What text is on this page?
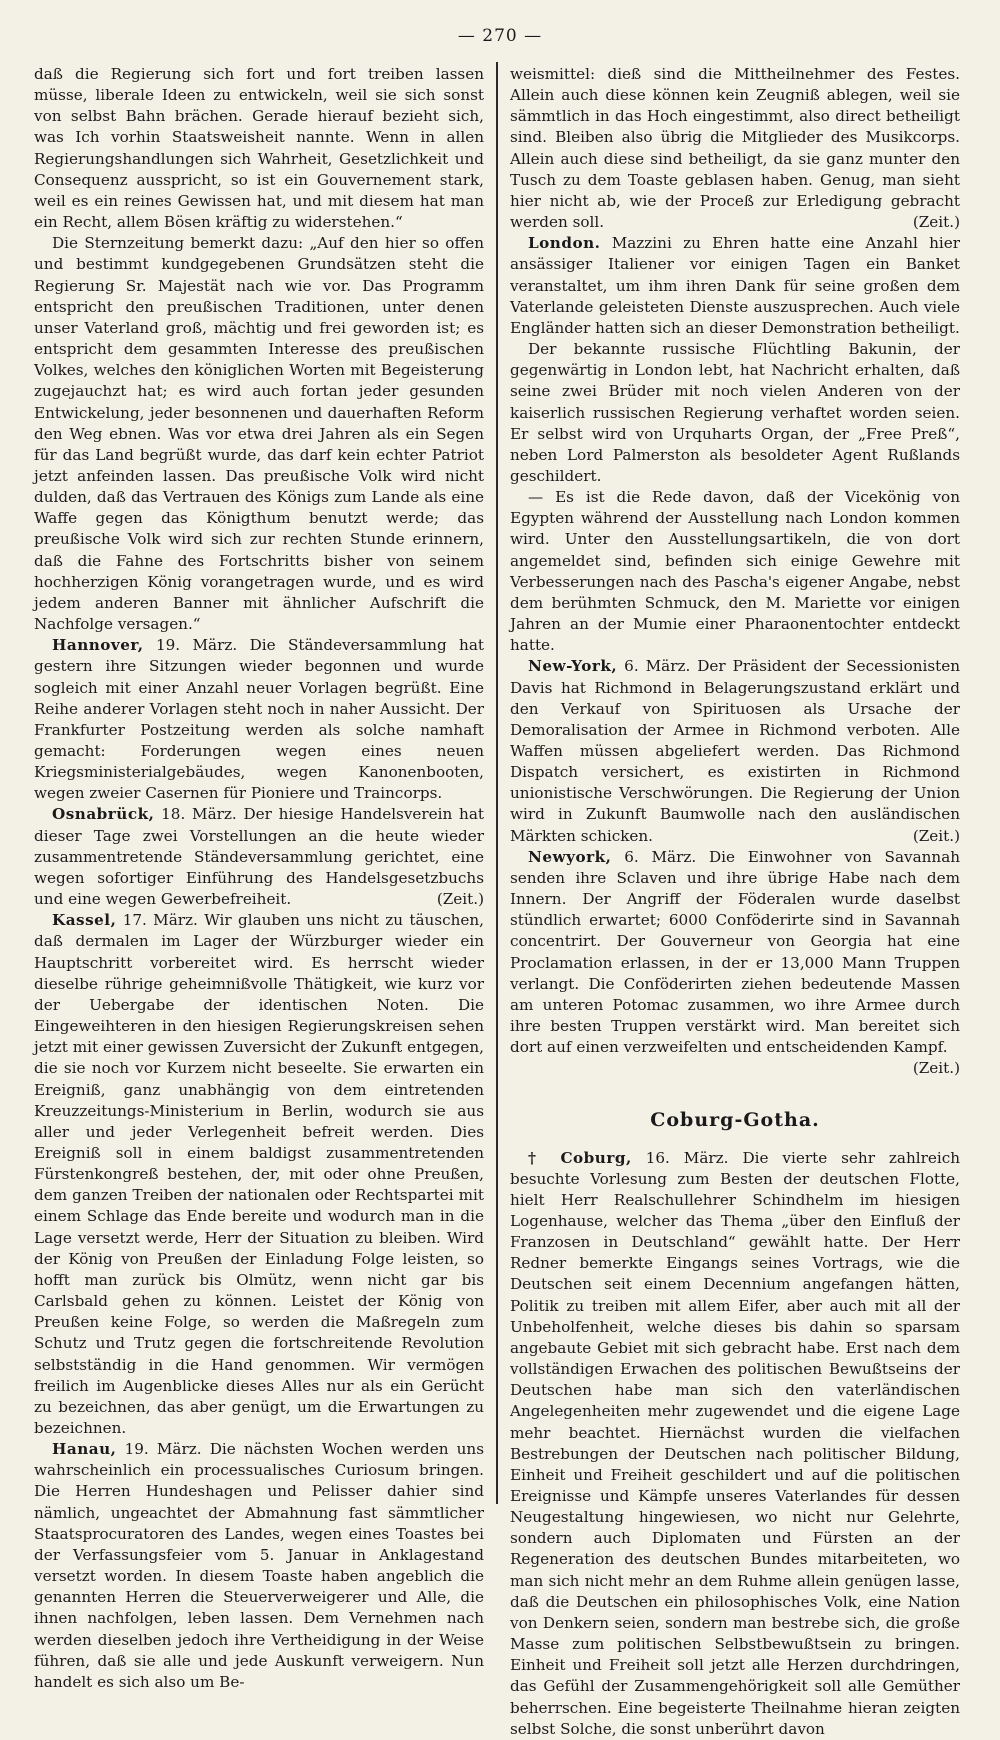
— 270 —

daß die Regierung sich fort und fort treiben lassen müsse, liberale Ideen zu entwickeln, weil sie sich sonst von selbst Bahn brächen. Gerade hierauf bezieht sich, was Ich vorhin Staatsweisheit nannte. Wenn in allen Regierungshandlungen sich Wahrheit, Gesetzlichkeit und Consequenz ausspricht, so ist ein Gouvernement stark, weil es ein reines Gewissen hat, und mit diesem hat man ein Recht, allem Bösen kräftig zu widerstehen.“

Die Sternzeitung bemerkt dazu: „Auf den hier so offen und bestimmt kundgegebenen Grundsätzen steht die Regierung Sr. Majestät nach wie vor. Das Programm entspricht den preußischen Traditionen, unter denen unser Vaterland groß, mächtig und frei geworden ist; es entspricht dem gesammten Interesse des preußischen Volkes, welches den königlichen Worten mit Begeisterung zugejauchzt hat; es wird auch fortan jeder gesunden Entwickelung, jeder besonnenen und dauerhaften Reform den Weg ebnen. Was vor etwa drei Jahren als ein Segen für das Land begrüßt wurde, das darf kein echter Patriot jetzt anfeinden lassen. Das preußische Volk wird nicht dulden, daß das Vertrauen des Königs zum Lande als eine Waffe gegen das Königthum benutzt werde; das preußische Volk wird sich zur rechten Stunde erinnern, daß die Fahne des Fortschritts bisher von seinem hochherzigen König vorangetragen wurde, und es wird jedem anderen Banner mit ähnlicher Aufschrift die Nachfolge versagen.“

Hannover, 19. März. Die Ständeversammlung hat gestern ihre Sitzungen wieder begonnen und wurde sogleich mit einer Anzahl neuer Vorlagen begrüßt. Eine Reihe anderer Vorlagen steht noch in naher Aussicht. Der Frankfurter Postzeitung werden als solche namhaft gemacht: Forderungen wegen eines neuen Kriegsministerialgebäudes, wegen Kanonenbooten, wegen zweier Casernen für Pioniere und Traincorps.

Osnabrück, 18. März. Der hiesige Handelsverein hat dieser Tage zwei Vorstellungen an die heute wieder zusammentretende Ständeversammlung gerichtet, eine wegen sofortiger Einführung des Handelsgesetzbuchs und eine wegen Gewerbefreiheit.	(Zeit.)

Kassel, 17. März. Wir glauben uns nicht zu täuschen, daß dermalen im Lager der Würzburger wieder ein Hauptschritt vorbereitet wird. Es herrscht wieder dieselbe rührige geheimnißvolle Thätigkeit, wie kurz vor der Uebergabe der identischen Noten. Die Eingeweihteren in den hiesigen Regierungskreisen sehen jetzt mit einer gewissen Zuversicht der Zukunft entgegen, die sie noch vor Kurzem nicht beseelte. Sie erwarten ein Ereigniß, ganz unabhängig von dem eintretenden Kreuzzeitungs-Ministerium in Berlin, wodurch sie aus aller und jeder Verlegenheit befreit werden. Dies Ereigniß soll in einem baldigst zusammentretenden Fürstenkongreß bestehen, der, mit oder ohne Preußen, dem ganzen Treiben der nationalen oder Rechtspartei mit einem Schlage das Ende bereite und wodurch man in die Lage versetzt werde, Herr der Situation zu bleiben. Wird der König von Preußen der Einladung Folge leisten, so hofft man zurück bis Olmütz, wenn nicht gar bis Carlsbald gehen zu können. Leistet der König von Preußen keine Folge, so werden die Maßregeln zum Schutz und Trutz gegen die fortschreitende Revolution selbstständig in die Hand genommen. Wir vermögen freilich im Augenblicke dieses Alles nur als ein Gerücht zu bezeichnen, das aber genügt, um die Erwartungen zu bezeichnen.

Hanau, 19. März. Die nächsten Wochen werden uns wahrscheinlich ein processualisches Curiosum bringen. Die Herren Hundeshagen und Pelisser dahier sind nämlich, ungeachtet der Abmahnung fast sämmtlicher Staatsprocuratoren des Landes, wegen eines Toastes bei der Verfassungsfeier vom 5. Januar in Anklagestand versetzt worden. In diesem Toaste haben angeblich die genannten Herren die Steuerverweigerer und Alle, die ihnen nachfolgen, leben lassen. Dem Vernehmen nach werden dieselben jedoch ihre Vertheidigung in der Weise führen, daß sie alle und jede Auskunft verweigern. Nun handelt es sich also um Be-

weismittel: dieß sind die Mittheilnehmer des Festes. Allein auch diese können kein Zeugniß ablegen, weil sie sämmtlich in das Hoch eingestimmt, also direct betheiligt sind. Bleiben also übrig die Mitglieder des Musikcorps. Allein auch diese sind betheiligt, da sie ganz munter den Tusch zu dem Toaste geblasen haben. Genug, man sieht hier nicht ab, wie der Proceß zur Erledigung gebracht werden soll.	(Zeit.)

London. Mazzini zu Ehren hatte eine Anzahl hier ansässiger Italiener vor einigen Tagen ein Banket veranstaltet, um ihm ihren Dank für seine großen dem Vaterlande geleisteten Dienste auszusprechen. Auch viele Engländer hatten sich an dieser Demonstration betheiligt.

Der bekannte russische Flüchtling Bakunin, der gegenwärtig in London lebt, hat Nachricht erhalten, daß seine zwei Brüder mit noch vielen Anderen von der kaiserlich russischen Regierung verhaftet worden seien. Er selbst wird von Urquharts Organ, der „Free Preß“, neben Lord Palmerston als besoldeter Agent Rußlands geschildert.

— Es ist die Rede davon, daß der Vicekönig von Egypten während der Ausstellung nach London kommen wird. Unter den Ausstellungsartikeln, die von dort angemeldet sind, befinden sich einige Gewehre mit Verbesserungen nach des Pascha's eigener Angabe, nebst dem berühmten Schmuck, den M. Mariette vor einigen Jahren an der Mumie einer Pharaonentochter entdeckt hatte.

New-York, 6. März. Der Präsident der Secessionisten Davis hat Richmond in Belagerungszustand erklärt und den Verkauf von Spirituosen als Ursache der Demoralisation der Armee in Richmond verboten. Alle Waffen müssen abgeliefert werden. Das Richmond Dispatch versichert, es existirten in Richmond unionistische Verschwörungen. Die Regierung der Union wird in Zukunft Baumwolle nach den ausländischen Märkten schicken.	(Zeit.)

Newyork, 6. März. Die Einwohner von Savannah senden ihre Sclaven und ihre übrige Habe nach dem Innern. Der Angriff der Föderalen wurde daselbst stündlich erwartet; 6000 Conföderirte sind in Savannah concentrirt. Der Gouverneur von Georgia hat eine Proclamation erlassen, in der er 13,000 Mann Truppen verlangt. Die Conföderirten ziehen bedeutende Massen am unteren Potomac zusammen, wo ihre Armee durch ihre besten Truppen verstärkt wird. Man bereitet sich dort auf einen verzweifelten und entscheidenden Kampf.
(Zeit.)

Coburg-Gotha.

† Coburg, 16. März. Die vierte sehr zahlreich besuchte Vorlesung zum Besten der deutschen Flotte, hielt Herr Realschullehrer Schindhelm im hiesigen Logenhause, welcher das Thema „über den Einfluß der Franzosen in Deutschland“ gewählt hatte. Der Herr Redner bemerkte Eingangs seines Vortrags, wie die Deutschen seit einem Decennium angefangen hätten, Politik zu treiben mit allem Eifer, aber auch mit all der Unbeholfenheit, welche dieses bis dahin so sparsam angebaute Gebiet mit sich gebracht habe. Erst nach dem vollständigen Erwachen des politischen Bewußtseins der Deutschen habe man sich den vaterländischen Angelegenheiten mehr zugewendet und die eigene Lage mehr beachtet. Hiernächst wurden die vielfachen Bestrebungen der Deutschen nach politischer Bildung, Einheit und Freiheit geschildert und auf die politischen Ereignisse und Kämpfe unseres Vaterlandes für dessen Neugestaltung hingewiesen, wo nicht nur Gelehrte, sondern auch Diplomaten und Fürsten an der Regeneration des deutschen Bundes mitarbeiteten, wo man sich nicht mehr an dem Ruhme allein genügen lasse, daß die Deutschen ein philosophisches Volk, eine Nation von Denkern seien, sondern man bestrebe sich, die große Masse zum politischen Selbstbewußtsein zu bringen. Einheit und Freiheit soll jetzt alle Herzen durchdringen, das Gefühl der Zusammengehörigkeit soll alle Gemüther beherrschen. Eine begeisterte Theilnahme hieran zeigten selbst Solche, die sonst unberührt davon
